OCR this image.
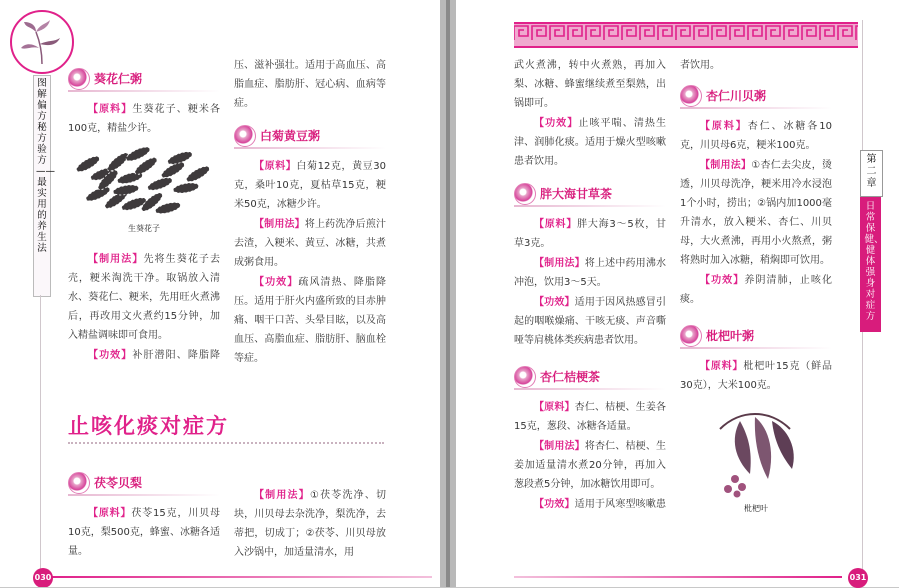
图解偏方秘方验方——最实用的养生法
葵花仁粥

【原料】生葵花子、粳米各100克，精盐少许。

生葵花子

【制用法】先将生葵花子去壳，粳米淘洗干净。取锅放入清水、葵花仁、粳米，先用旺火煮沸后，再改用文火煮约15分钟，加入精盐调味即可食用。

【功效】补肝潜阳、降脂降

压、滋补强壮。适用于高血压、高脂血症、脂肪肝、冠心病、血病等症。

白菊黄豆粥

【原料】白菊12克，黄豆30克，桑叶10克，夏枯草15克，粳米50克，冰糖少许。

【制用法】将上药洗净后煎汁去渣，入粳米、黄豆、冰糖，共煮成粥食用。

【功效】疏风清热、降脂降压。适用于肝火内盛所致的目赤肿痛、咽干口苦、头晕目眩，以及高血压、高脂血症、脂肪肝、脑血栓等症。

止咳化痰对症方
茯苓贝梨

【原料】茯苓15克，川贝母10克，梨500克，蜂蜜、冰糖各适量。

【制用法】①茯苓洗净、切块，川贝母去杂洗净，梨洗净，去蒂把，切成丁；②茯苓、川贝母放入沙锅中，加适量清水，用

030

武火煮沸，转中火煮熟，再加入梨、冰糖、蜂蜜继续煮至梨熟，出锅即可。

【功效】止咳平喘、清热生津、润肺化痰。适用于燥火型咳嗽患者饮用。

胖大海甘草茶

【原料】胖大海3～5枚，甘草3克。

【制用法】将上述中药用沸水冲泡，饮用3～5天。

【功效】适用于因风热感冒引起的咽喉燥痛、干咳无痰、声音嘶哑等肩桃体类疾病患者饮用。

杏仁桔梗茶

【原料】杏仁、桔梗、生姜各15克，葱段、冰糖各适量。

【制用法】将杏仁、桔梗、生姜加适量清水煮20分钟，再加入葱段煮5分钟，加冰糖饮用即可。

【功效】适用于风寒型咳嗽患

者饮用。

杏仁川贝粥

【原料】杏仁、冰糖各10克，川贝母6克，粳米100克。

【制用法】①杏仁去尖皮，烫透，川贝母洗净，粳米用冷水浸泡1个小时，捞出；②锅内加1000毫升清水，放入粳米、杏仁、川贝母，大火煮沸，再用小火熬煮，粥将熟时加入冰糖，稍焖即可饮用。

【功效】养阴清肺，止咳化痰。

枇杷叶粥

【原料】枇杷叶15克（鲜品30克），大米100克。

枇杷叶
第二章
日常保健、健体强身对症方
031
